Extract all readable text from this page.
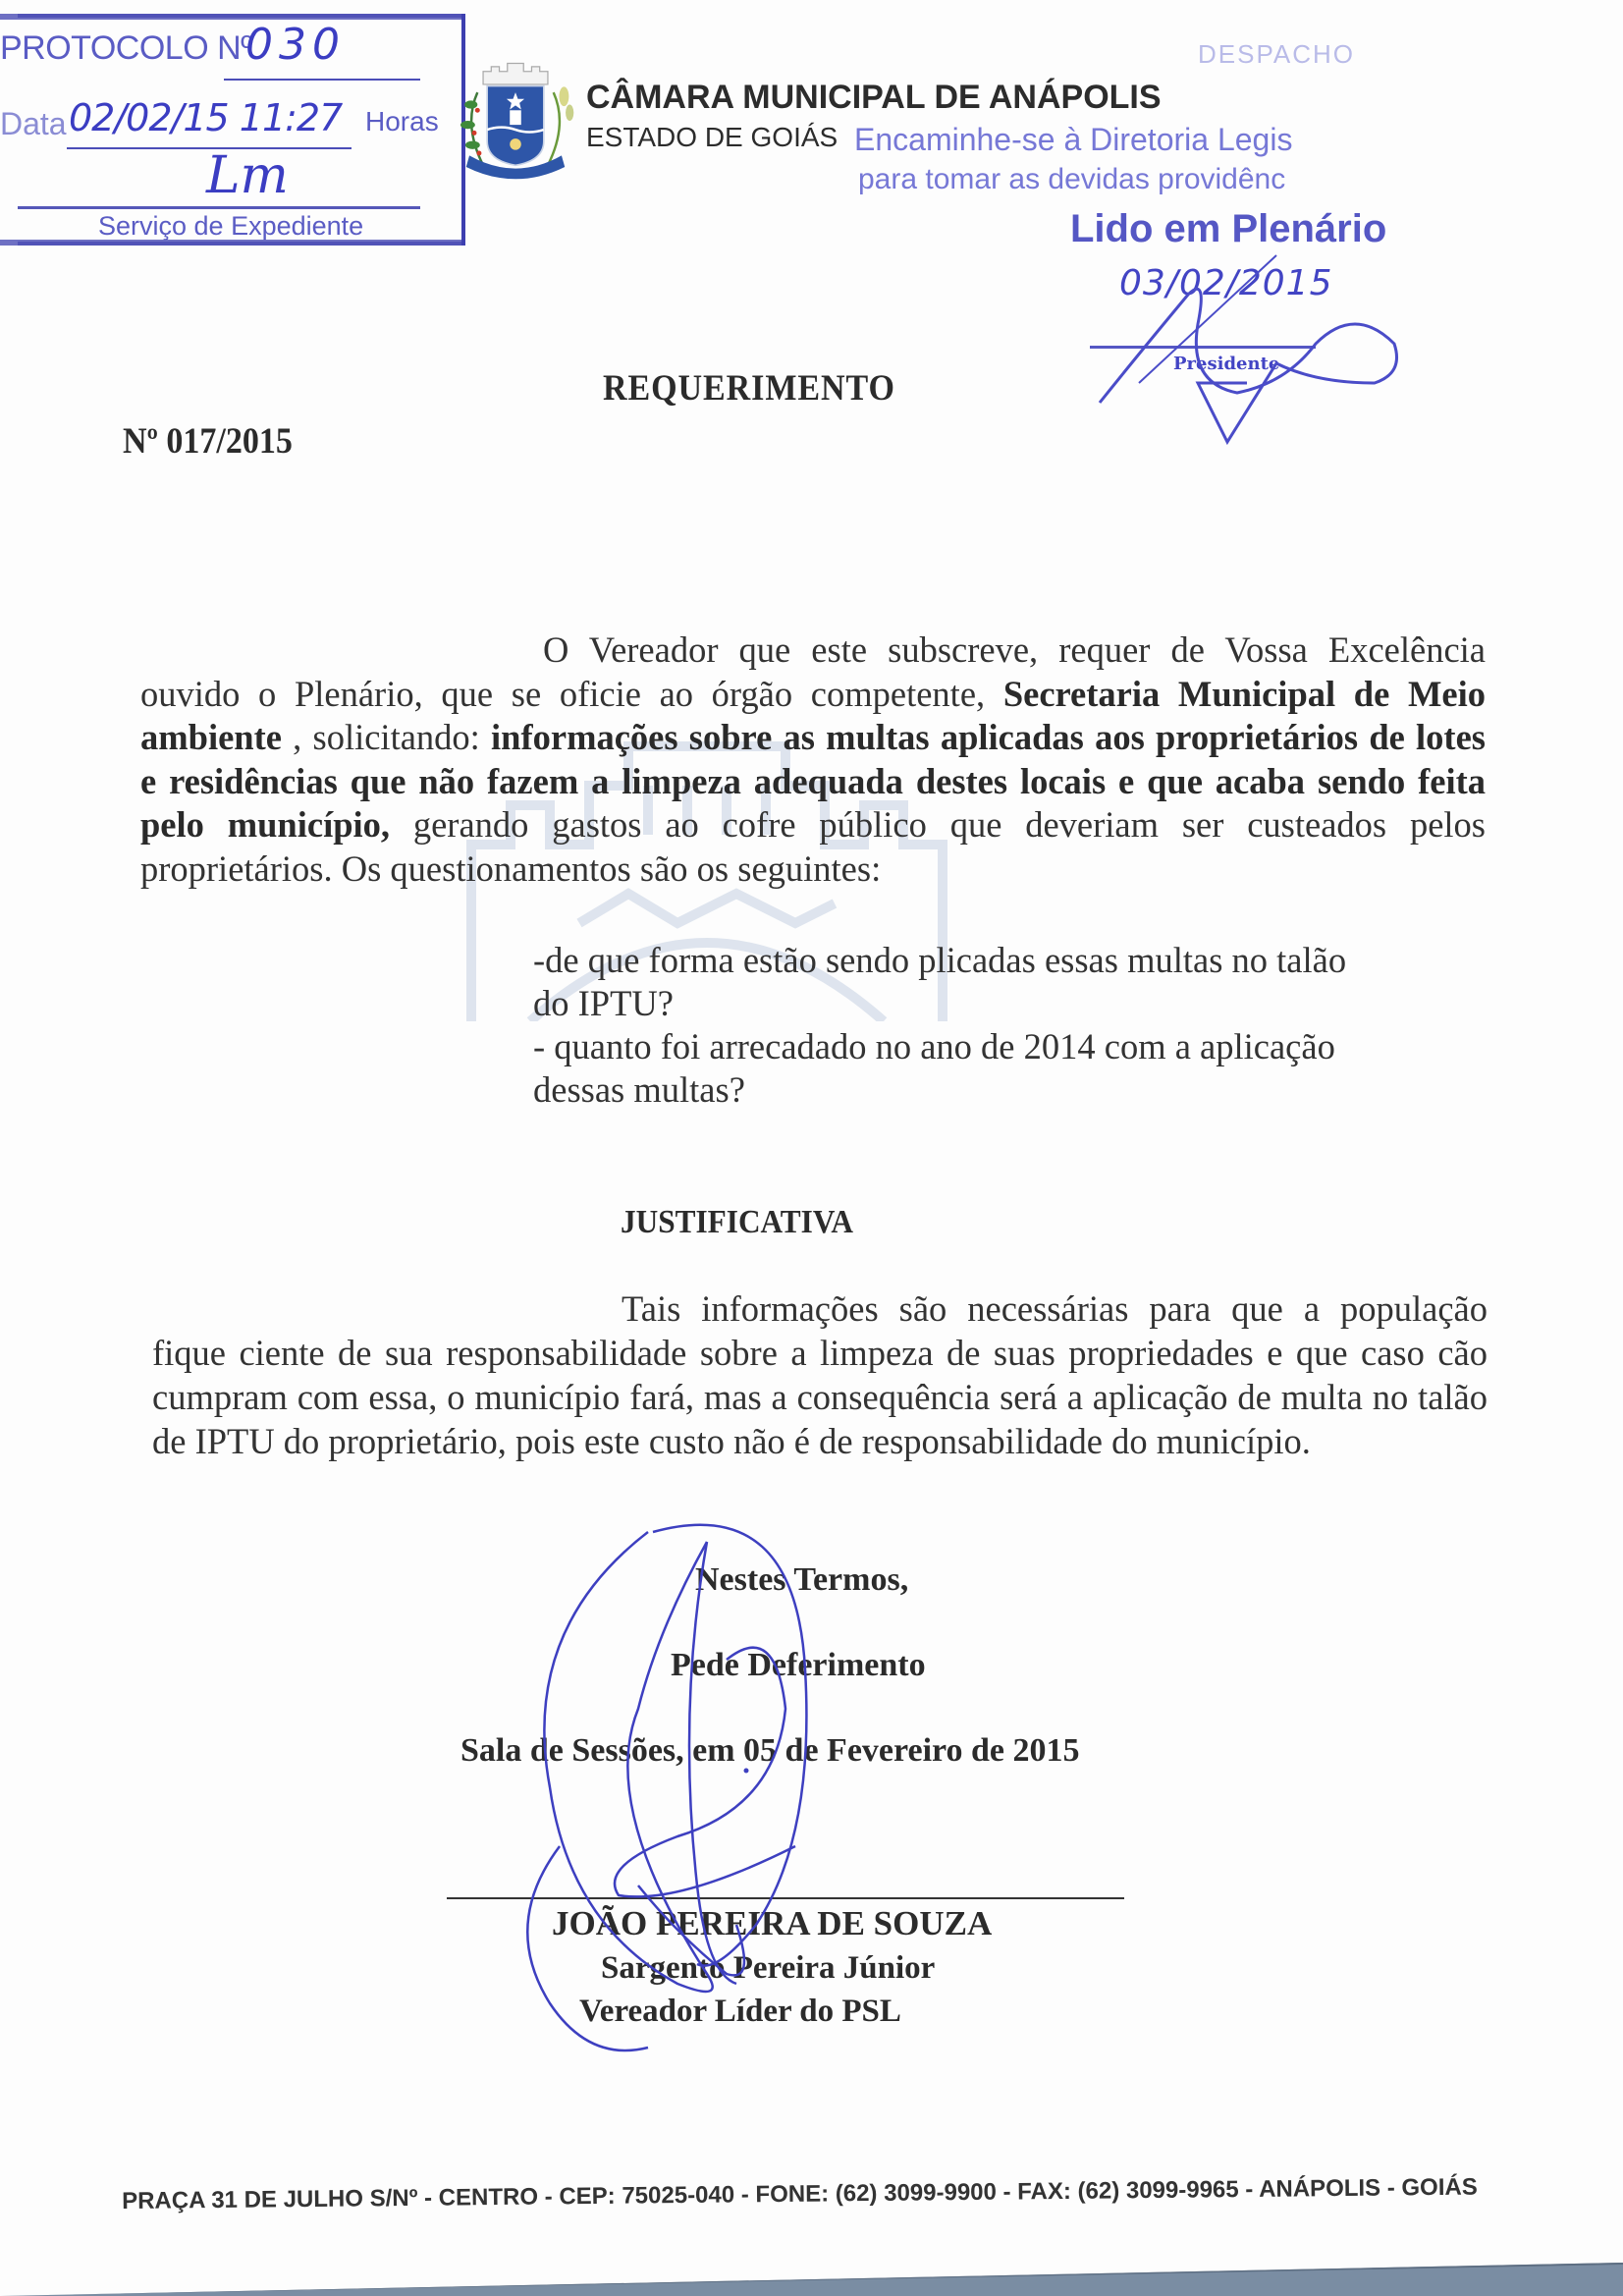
PROTOCOLO Nº
030
Data 02/02/15 11:27 Horas
Lm
Serviço de Expediente
CÂMARA MUNICIPAL DE ANÁPOLIS
ESTADO DE GOIÁS
DESPACHO
Encaminhe-se à Diretoria Legis
para tomar as devidas providênc
Lido em Plenário
03/02/2015
Presidente
REQUERIMENTO
Nº 017/2015
O Vereador que este subscreve, requer de Vossa Excelência ouvido o Plenário, que se oficie ao órgão competente, Secretaria Municipal de Meio ambiente , solicitando: informações sobre as multas aplicadas aos proprietários de lotes e residências que não fazem a limpeza adequada destes locais e que acaba sendo feita pelo município, gerando gastos ao cofre público que deveriam ser custeados pelos proprietários. Os questionamentos são os seguintes:
-de que forma estão sendo plicadas essas multas no talão
do IPTU?
- quanto foi arrecadado no ano de 2014 com a aplicação
dessas multas?
JUSTIFICATIVA
Tais informações são necessárias para que a população fique ciente de sua responsabilidade sobre a limpeza de suas propriedades e que caso cão cumpram com essa, o município fará, mas a consequência será a aplicação de multa no talão de IPTU do proprietário, pois este custo não é de responsabilidade do município.
Nestes Termos,
Pede Deferimento
Sala de Sessões, em 05 de Fevereiro de 2015
JOÃO PEREIRA DE SOUZA
Sargento Pereira Júnior
Vereador Líder do PSL
PRAÇA 31 DE JULHO S/Nº - CENTRO - CEP: 75025-040 - FONE: (62) 3099-9900 - FAX: (62) 3099-9965 - ANÁPOLIS - GOIÁS
